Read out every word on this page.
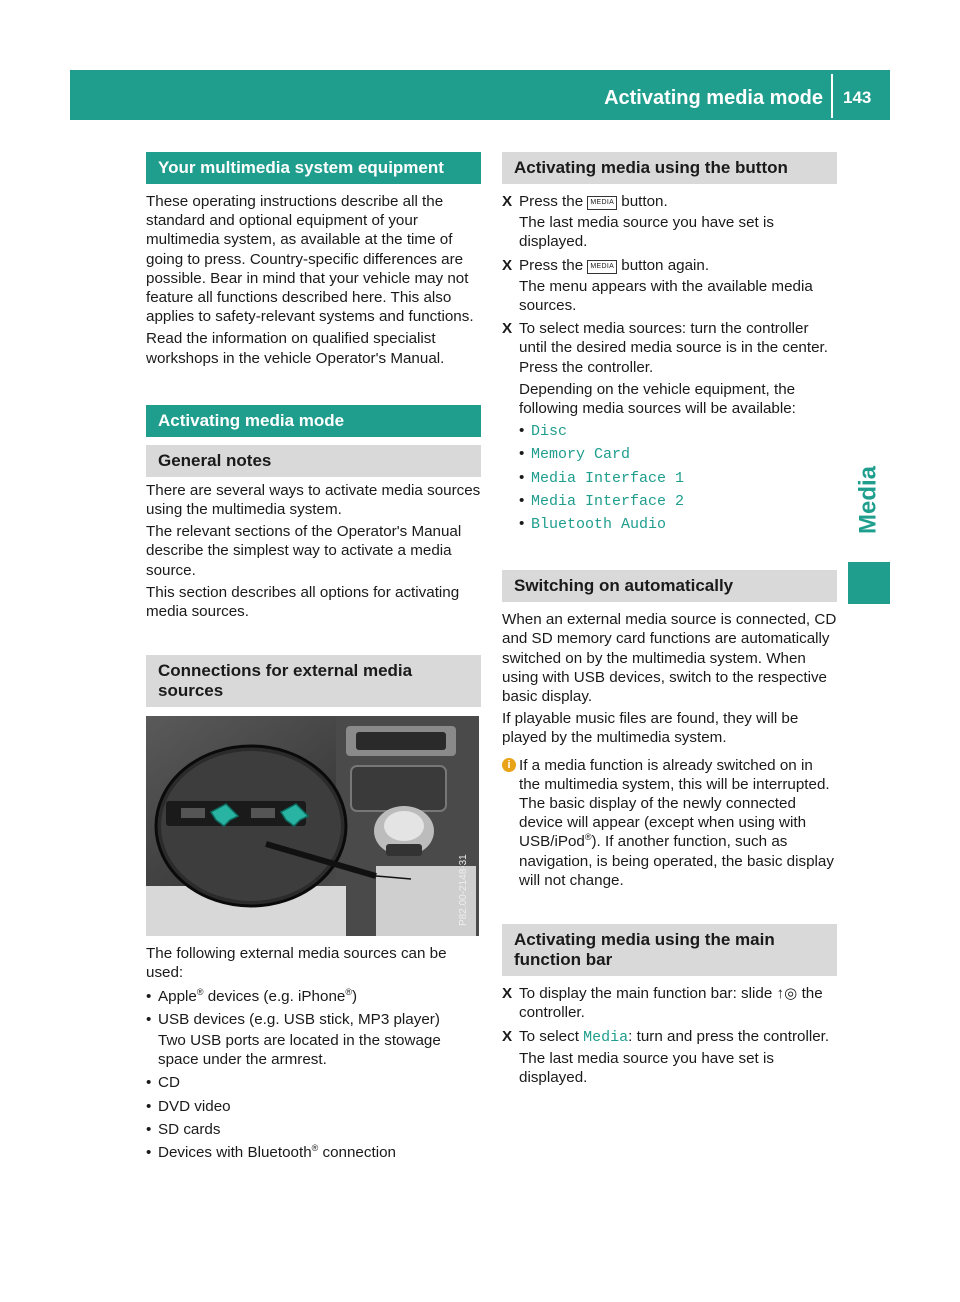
Activating media mode 143
Media
Your multimedia system equipment

These operating instructions describe all the standard and optional equipment of your multimedia system, as available at the time of going to press. Country-specific differences are possible. Bear in mind that your vehicle may not feature all functions described here. This also applies to safety-relevant systems and functions.

Read the information on qualified specialist workshops in the vehicle Operator's Manual.

Activating media mode
General notes

There are several ways to activate media sources using the multimedia system.

The relevant sections of the Operator's Manual describe the simplest way to activate a media source.

This section describes all options for activating media sources.

Connections for external media sources
P82.00-2148-31

The following external media sources can be used:

• Apple® devices (e.g. iPhone®)
• USB devices (e.g. USB stick, MP3 player)

Two USB ports are located in the stowage space under the armrest.

• CD
• DVD video
• SD cards
• Devices with Bluetooth® connection
Activating media using the button
X Press the MEDIA button.

The last media source you have set is displayed.

X Press the MEDIA button again.

The menu appears with the available media sources.

X To select media sources: turn the controller until the desired media source is in the center. Press the controller.

Depending on the vehicle equipment, the following media sources will be available:

• Disc
• Memory Card
• Media Interface 1
• Media Interface 2
• Bluetooth Audio
Switching on automatically

When an external media source is connected, CD and SD memory card functions are automatically switched on by the multimedia system. When using with USB devices, switch to the respective basic display.

If playable music files are found, they will be played by the multimedia system.

i If a media function is already switched on in the multimedia system, this will be interrupted. The basic display of the newly connected device will appear (except when using with USB/iPod®). If another function, such as navigation, is being operated, the basic display will not change.
Activating media using the main function bar
X To display the main function bar: slide ↑◎ the controller.
X To select Media: turn and press the controller.

The last media source you have set is displayed.
